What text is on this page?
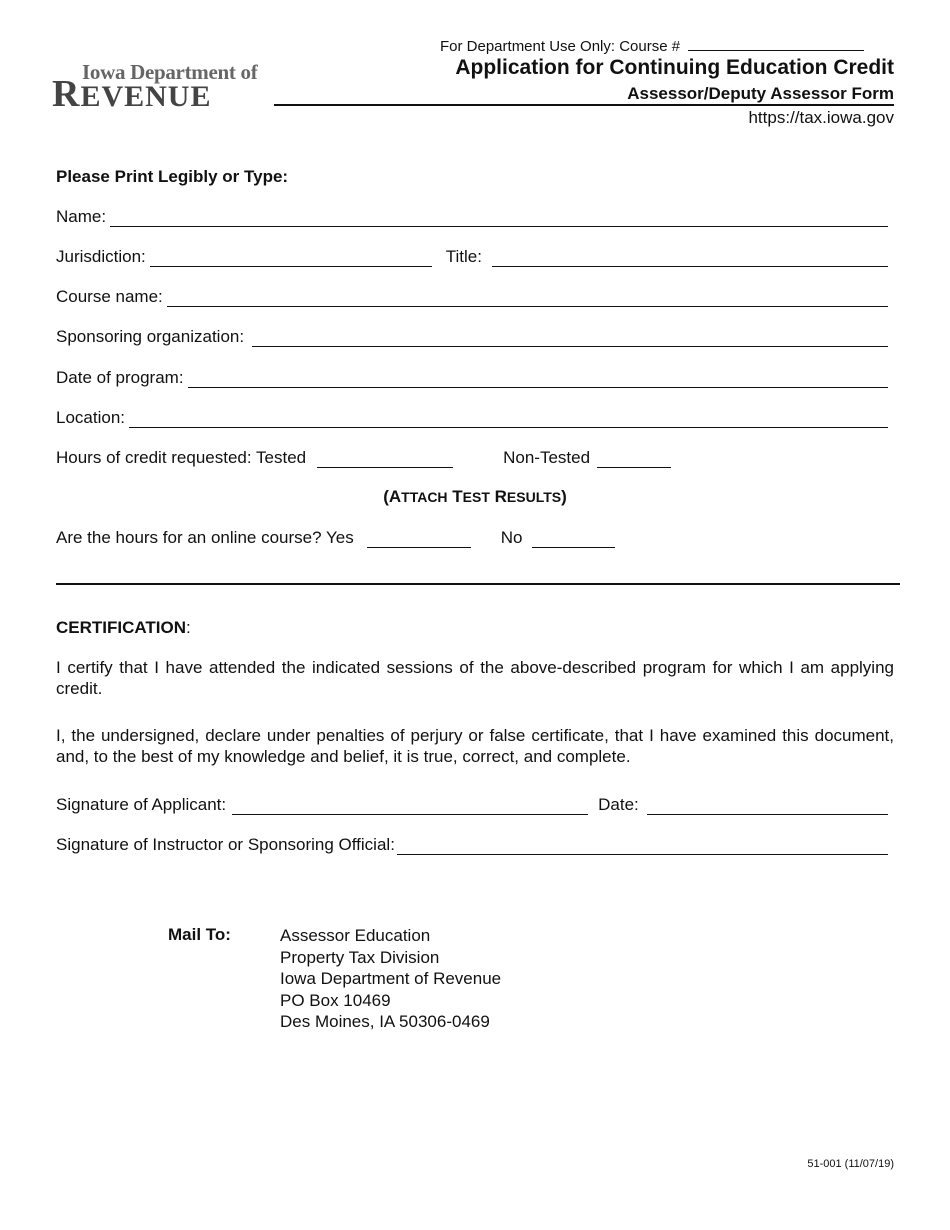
For Department Use Only: Course #
Iowa Department of
REVENUE
Application for Continuing Education Credit
Assessor/Deputy Assessor Form
https://tax.iowa.gov
Please Print Legibly or Type:
Name:
Jurisdiction:	Title:
Course name:
Sponsoring organization:
Date of program:
Location:
Hours of credit requested: Tested	Non-Tested
(ATTACH TEST RESULTS)
Are the hours for an online course? Yes	No
CERTIFICATION:
I certify that I have attended the indicated sessions of the above-described program for which I am applying credit.
I, the undersigned, declare under penalties of perjury or false certificate, that I have examined this document, and, to the best of my knowledge and belief, it is true, correct, and complete.
Signature of Applicant:	Date:
Signature of Instructor or Sponsoring Official:
Mail To:	Assessor Education
Property Tax Division
Iowa Department of Revenue
PO Box 10469
Des Moines, IA 50306-0469
51-001 (11/07/19)
